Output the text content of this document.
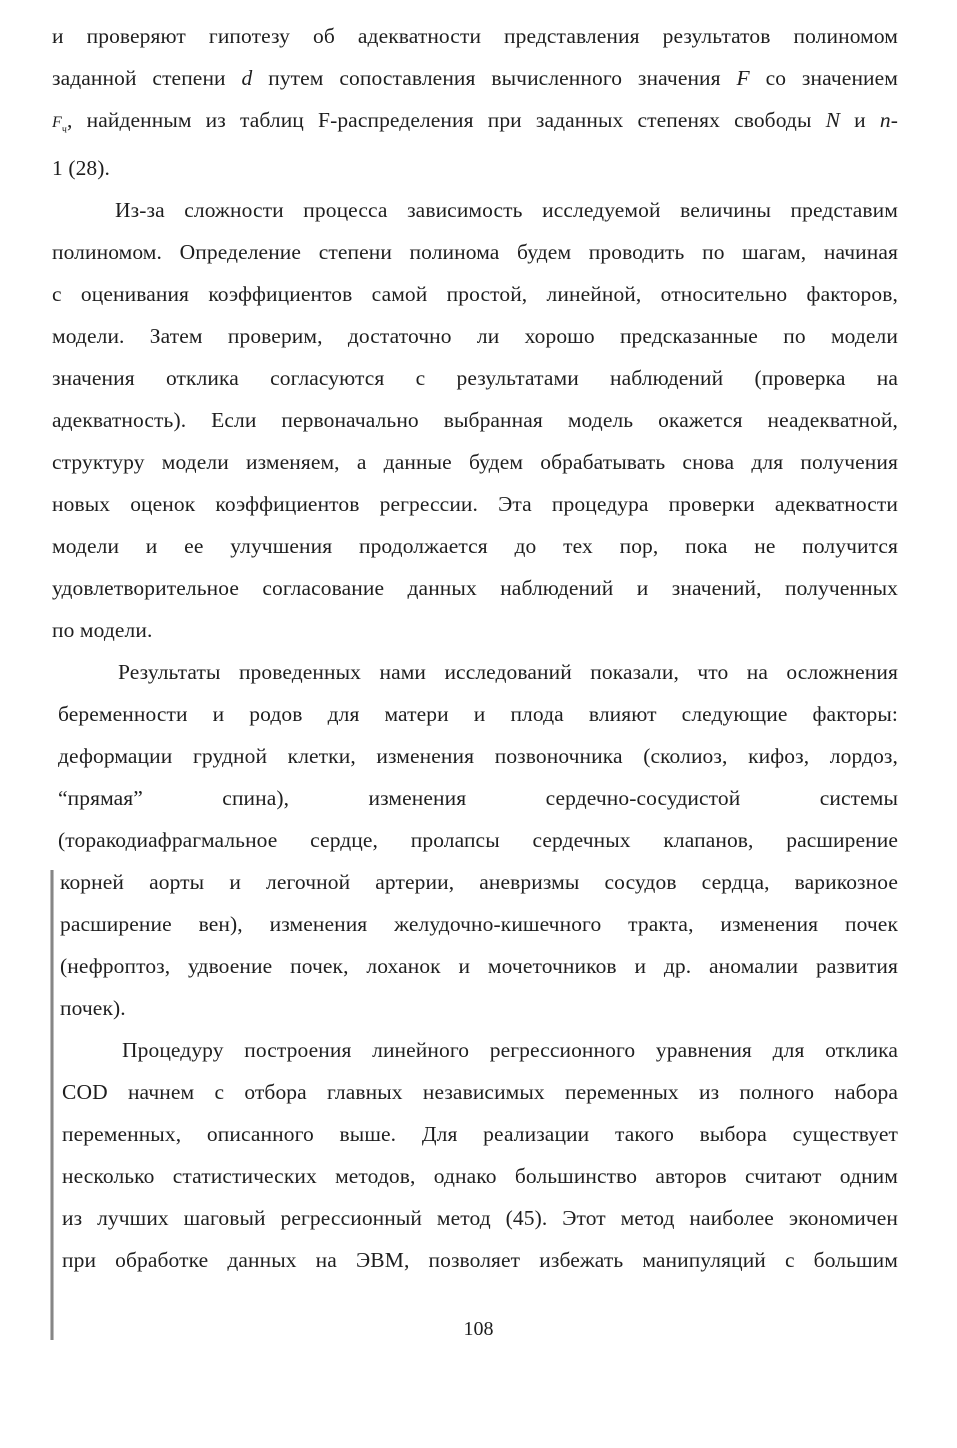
и проверяют гипотезу об адекватности представления результатов полиномом
заданной степени d путем сопоставления вычисленного значения F со значением
$F_ч$, найденным из таблиц F-распределения при заданных степенях свободы N и n-
1 (28).
Из-за сложности процесса зависимость исследуемой величины представим
полиномом. Определение степени полинома будем проводить по шагам, начиная
с оценивания коэффициентов самой простой, линейной, относительно факторов,
модели. Затем проверим, достаточно ли хорошо предсказанные по модели
значения отклика согласуются с результатами наблюдений (проверка на
адекватность). Если первоначально выбранная модель окажется неадекватной,
структуру модели изменяем, а данные будем обрабатывать снова для получения
новых оценок коэффициентов регрессии. Эта процедура проверки адекватности
модели и ее улучшения продолжается до тех пор, пока не получится
удовлетворительное согласование данных наблюдений и значений, полученных
по модели.
Результаты проведенных нами исследований показали, что на осложнения
беременности и родов для матери и плода влияют следующие факторы:
деформации грудной клетки, изменения позвоночника (сколиоз, кифоз, лордоз,
“прямая” спина), изменения сердечно-сосудистой системы
(торакодиафрагмальное сердце, пролапсы сердечных клапанов, расширение
корней аорты и легочной артерии, аневризмы сосудов сердца, варикозное
расширение вен), изменения желудочно-кишечного тракта, изменения почек
(нефроптоз, удвоение почек, лоханок и мочеточников и др. аномалии развития
почек).
Процедуру построения линейного регрессионного уравнения для отклика
COD начнем с отбора главных независимых переменных из полного набора
переменных, описанного выше. Для реализации такого выбора существует
несколько статистических методов, однако большинство авторов считают одним
из лучших шаговый регрессионный метод (45). Этот метод наиболее экономичен
при обработке данных на ЭВМ, позволяет избежать манипуляций с большим
108
